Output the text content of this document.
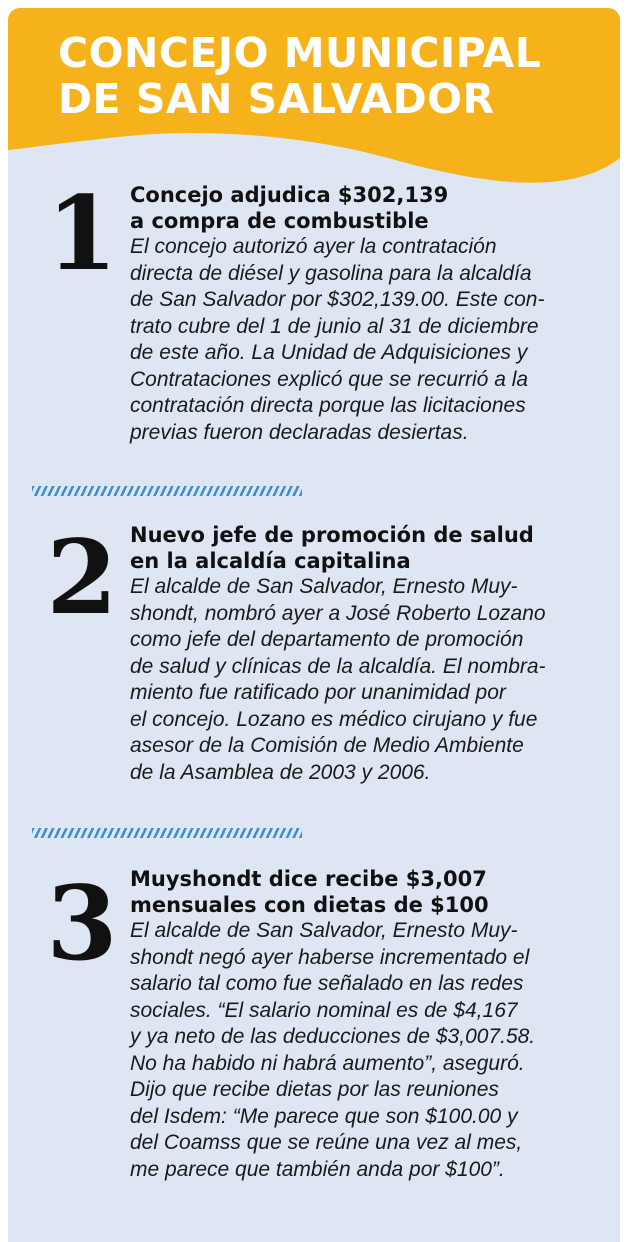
CONCEJO MUNICIPAL
DE SAN SALVADOR
1 Concejo adjudica $302,139
a compra de combustible
El concejo autorizó ayer la contratación
directa de diésel y gasolina para la alcaldía
de San Salvador por $302,139.00. Este con-
trato cubre del 1 de junio al 31 de diciembre
de este año. La Unidad de Adquisiciones y
Contrataciones explicó que se recurrió a la
contratación directa porque las licitaciones
previas fueron declaradas desiertas.
2 Nuevo jefe de promoción de salud
en la alcaldía capitalina
El alcalde de San Salvador, Ernesto Muy-
shondt, nombró ayer a José Roberto Lozano
como jefe del departamento de promoción
de salud y clínicas de la alcaldía. El nombra-
miento fue ratificado por unanimidad por
el concejo. Lozano es médico cirujano y fue
asesor de la Comisión de Medio Ambiente
de la Asamblea de 2003 y 2006.
3 Muyshondt dice recibe $3,007
mensuales con dietas de $100
El alcalde de San Salvador, Ernesto Muy-
shondt negó ayer haberse incrementado el
salario tal como fue señalado en las redes
sociales. “El salario nominal es de $4,167
y ya neto de las deducciones de $3,007.58.
No ha habido ni habrá aumento”, aseguró.
Dijo que recibe dietas por las reuniones
del Isdem: “Me parece que son $100.00 y
del Coamss que se reúne una vez al mes,
me parece que también anda por $100”.
